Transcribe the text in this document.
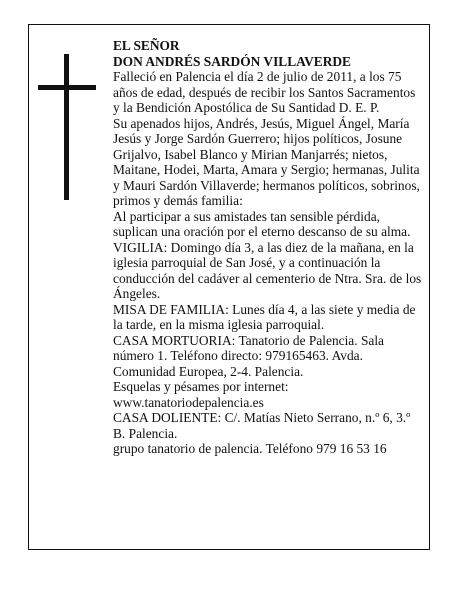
EL SEÑOR

DON ANDRÉS SARDÓN VILLAVERDE

Falleció en Palencia el día 2 de julio de 2011, a los 75 años de edad, después de recibir los Santos Sacramentos y la Bendición Apostólica de Su Santidad D. E. P.

Su apenados hijos, Andrés, Jesús, Miguel Ángel, María Jesús y Jorge Sardón Guerrero; hijos políticos, Josune Grijalvo, Isabel Blanco y Mirian Manjarrés; nietos, Maitane, Hodei, Marta, Amara y Sergio; hermanas, Julita y Mauri Sardón Villaverde; hermanos políticos, sobrinos, primos y demás familia:

Al participar a sus amistades tan sensible pérdida, suplican una oración por el eterno descanso de su alma.

VIGILIA: Domingo día 3, a las diez de la mañana, en la iglesia parroquial de San José, y a continuación la conducción del cadáver al cementerio de Ntra. Sra. de los Ángeles.

MISA DE FAMILIA: Lunes día 4, a las siete y media de la tarde, en la misma iglesia parroquial.

CASA MORTUORIA: Tanatorio de Palencia. Sala número 1. Teléfono directo: 979165463. Avda. Comunidad Europea, 2-4. Palencia.

Esquelas y pésames por internet: www.tanatoriodepalencia.es

CASA DOLIENTE: C/. Matías Nieto Serrano, n.º 6, 3.º B. Palencia.

grupo tanatorio de palencia. Teléfono 979 16 53 16
